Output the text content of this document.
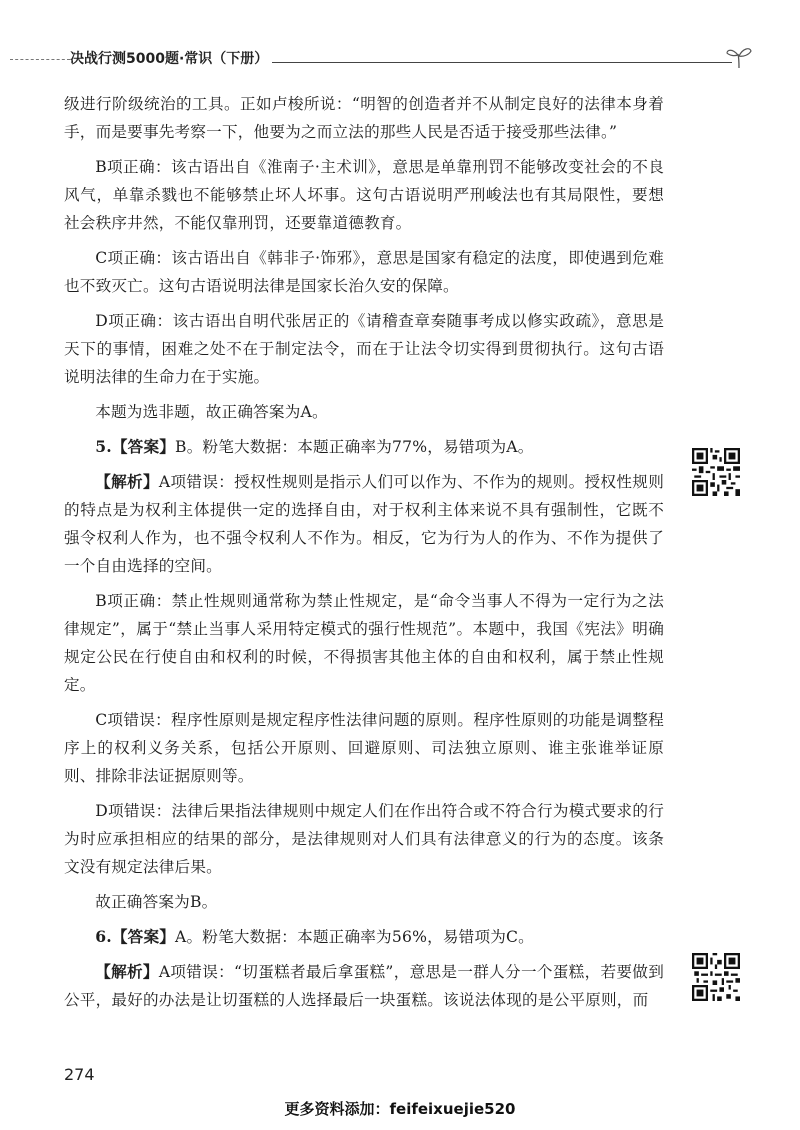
决战行测5000题·常识（下册）

级进行阶级统治的工具。正如卢梭所说：“明智的创造者并不从制定良好的法律本身着手，而是要事先考察一下，他要为之而立法的那些人民是否适于接受那些法律。”

B项正确：该古语出自《淮南子·主术训》，意思是单靠刑罚不能够改变社会的不良风气，单靠杀戮也不能够禁止坏人坏事。这句古语说明严刑峻法也有其局限性，要想社会秩序井然，不能仅靠刑罚，还要靠道德教育。

C项正确：该古语出自《韩非子·饰邪》，意思是国家有稳定的法度，即使遇到危难也不致灭亡。这句古语说明法律是国家长治久安的保障。

D项正确：该古语出自明代张居正的《请稽查章奏随事考成以修实政疏》，意思是天下的事情，困难之处不在于制定法令，而在于让法令切实得到贯彻执行。这句古语说明法律的生命力在于实施。

本题为选非题，故正确答案为A。

5.【答案】B。粉笔大数据：本题正确率为77%，易错项为A。

【解析】A项错误：授权性规则是指示人们可以作为、不作为的规则。授权性规则的特点是为权利主体提供一定的选择自由，对于权利主体来说不具有强制性，它既不强令权利人作为，也不强令权利人不作为。相反，它为行为人的作为、不作为提供了一个自由选择的空间。

B项正确：禁止性规则通常称为禁止性规定，是“命令当事人不得为一定行为之法律规定”，属于“禁止当事人采用特定模式的强行性规范”。本题中，我国《宪法》明确规定公民在行使自由和权利的时候，不得损害其他主体的自由和权利，属于禁止性规定。

C项错误：程序性原则是规定程序性法律问题的原则。程序性原则的功能是调整程序上的权利义务关系，包括公开原则、回避原则、司法独立原则、谁主张谁举证原则、排除非法证据原则等。

D项错误：法律后果指法律规则中规定人们在作出符合或不符合行为模式要求的行为时应承担相应的结果的部分，是法律规则对人们具有法律意义的行为的态度。该条文没有规定法律后果。

故正确答案为B。

6.【答案】A。粉笔大数据：本题正确率为56%，易错项为C。

【解析】A项错误：“切蛋糕者最后拿蛋糕”，意思是一群人分一个蛋糕，若要做到公平，最好的办法是让切蛋糕的人选择最后一块蛋糕。该说法体现的是公平原则，而

274
更多资料添加：feifeixuejie520
